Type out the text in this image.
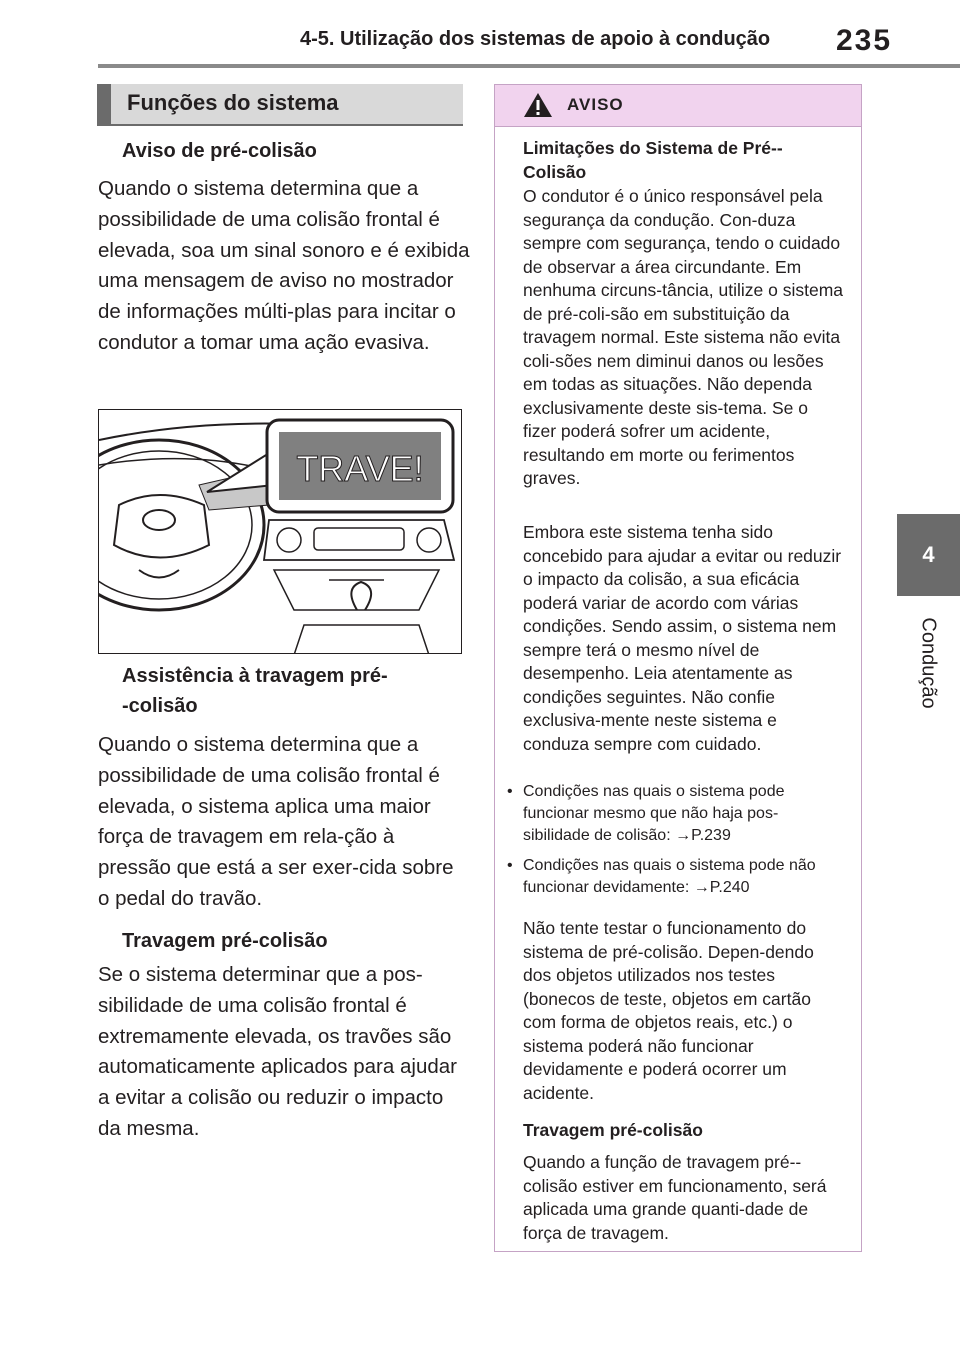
4-5. Utilização dos sistemas de apoio à condução 235
4
Condução
Funções do sistema
Aviso de pré-colisão

Quando o sistema determina que a possibilidade de uma colisão frontal é elevada, soa um sinal sonoro e é exibida uma mensagem de aviso no mostrador de informações múlti-plas para incitar o condutor a tomar uma ação evasiva.

TRAVE!
Assistência à travagem pré-
-colisão

Quando o sistema determina que a possibilidade de uma colisão frontal é elevada, o sistema aplica uma maior força de travagem em rela-ção à pressão que está a ser exer-cida sobre o pedal do travão.

Travagem pré-colisão

Se o sistema determinar que a pos-sibilidade de uma colisão frontal é extremamente elevada, os travões são automaticamente aplicados para ajudar a evitar a colisão ou reduzir o impacto da mesma.

AVISO

Limitações do Sistema de Pré--Colisão

O condutor é o único responsável pela segurança da condução. Con-duza sempre com segurança, tendo o cuidado de observar a área circundante. Em nenhuma circuns-tância, utilize o sistema de pré-coli-são em substituição da travagem normal. Este sistema não evita coli-sões nem diminui danos ou lesões em todas as situações. Não dependa exclusivamente deste sis-tema. Se o fizer poderá sofrer um acidente, resultando em morte ou ferimentos graves.

Embora este sistema tenha sido concebido para ajudar a evitar ou reduzir o impacto da colisão, a sua eficácia poderá variar de acordo com várias condições. Sendo assim, o sistema nem sempre terá o mesmo nível de desempenho. Leia atentamente as condições seguintes. Não confie exclusiva-mente neste sistema e conduza sempre com cuidado.

• Condições nas quais o sistema pode funcionar mesmo que não haja pos-sibilidade de colisão: →P.239
• Condições nas quais o sistema pode não funcionar devidamente: →P.240

Não tente testar o funcionamento do sistema de pré-colisão. Depen-dendo dos objetos utilizados nos testes (bonecos de teste, objetos em cartão com forma de objetos reais, etc.) o sistema poderá não funcionar devidamente e poderá ocorrer um acidente.

Travagem pré-colisão

Quando a função de travagem pré--colisão estiver em funcionamento, será aplicada uma grande quanti-dade de força de travagem.
